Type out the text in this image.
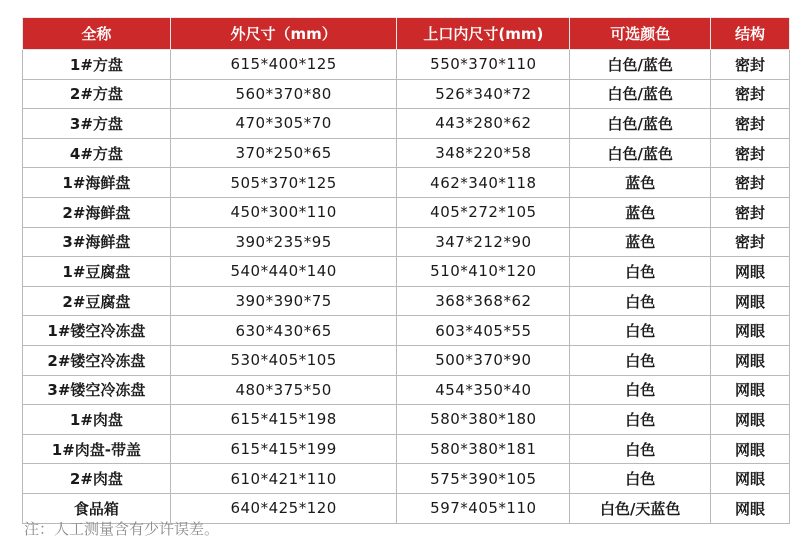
全称	外尺寸（mm）	上口内尺寸(mm)	可选颜色	结构
1#方盘	615*400*125	550*370*110	白色/蓝色	密封
2#方盘	560*370*80	526*340*72	白色/蓝色	密封
3#方盘	470*305*70	443*280*62	白色/蓝色	密封
4#方盘	370*250*65	348*220*58	白色/蓝色	密封
1#海鲜盘	505*370*125	462*340*118	蓝色	密封
2#海鲜盘	450*300*110	405*272*105	蓝色	密封
3#海鲜盘	390*235*95	347*212*90	蓝色	密封
1#豆腐盘	540*440*140	510*410*120	白色	网眼
2#豆腐盘	390*390*75	368*368*62	白色	网眼
1#镂空冷冻盘	630*430*65	603*405*55	白色	网眼
2#镂空冷冻盘	530*405*105	500*370*90	白色	网眼
3#镂空冷冻盘	480*375*50	454*350*40	白色	网眼
1#肉盘	615*415*198	580*380*180	白色	网眼
1#肉盘-带盖	615*415*199	580*380*181	白色	网眼
2#肉盘	610*421*110	575*390*105	白色	网眼
食品箱	640*425*120	597*405*110	白色/天蓝色	网眼
注：人工测量含有少许误差。
